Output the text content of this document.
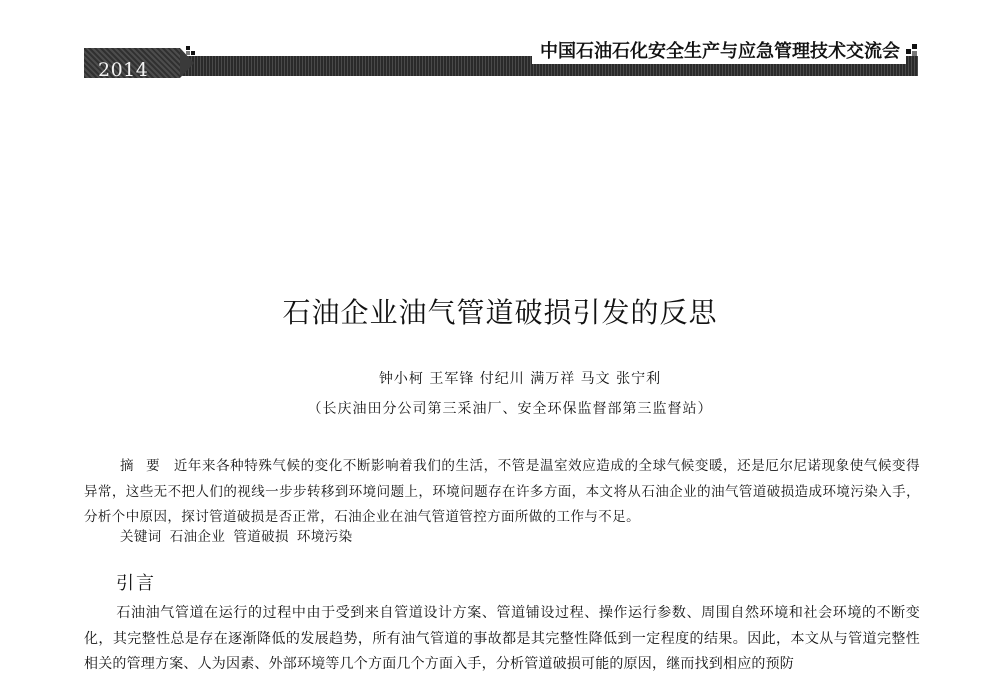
2014
中国石油石化安全生产与应急管理技术交流会
石油企业油气管道破损引发的反思
钟小柯 王军锋 付纪川 满万祥 马文 张宁利
（长庆油田分公司第三采油厂、安全环保监督部第三监督站）
摘 要 近年来各种特殊气候的变化不断影响着我们的生活，不管是温室效应造成的全球气候变暖，还是厄尔尼诺现象使气候变得异常，这些无不把人们的视线一步步转移到环境问题上，环境问题存在许多方面，本文将从石油企业的油气管道破损造成环境污染入手，分析个中原因，探讨管道破损是否正常，石油企业在油气管道管控方面所做的工作与不足。
关键词 石油企业 管道破损 环境污染
引言
石油油气管道在运行的过程中由于受到来自管道设计方案、管道铺设过程、操作运行参数、周围自然环境和社会环境的不断变化，其完整性总是存在逐渐降低的发展趋势，所有油气管道的事故都是其完整性降低到一定程度的结果。因此，本文从与管道完整性相关的管理方案、人为因素、外部环境等几个方面几个方面入手，分析管道破损可能的原因，继而找到相应的预防
